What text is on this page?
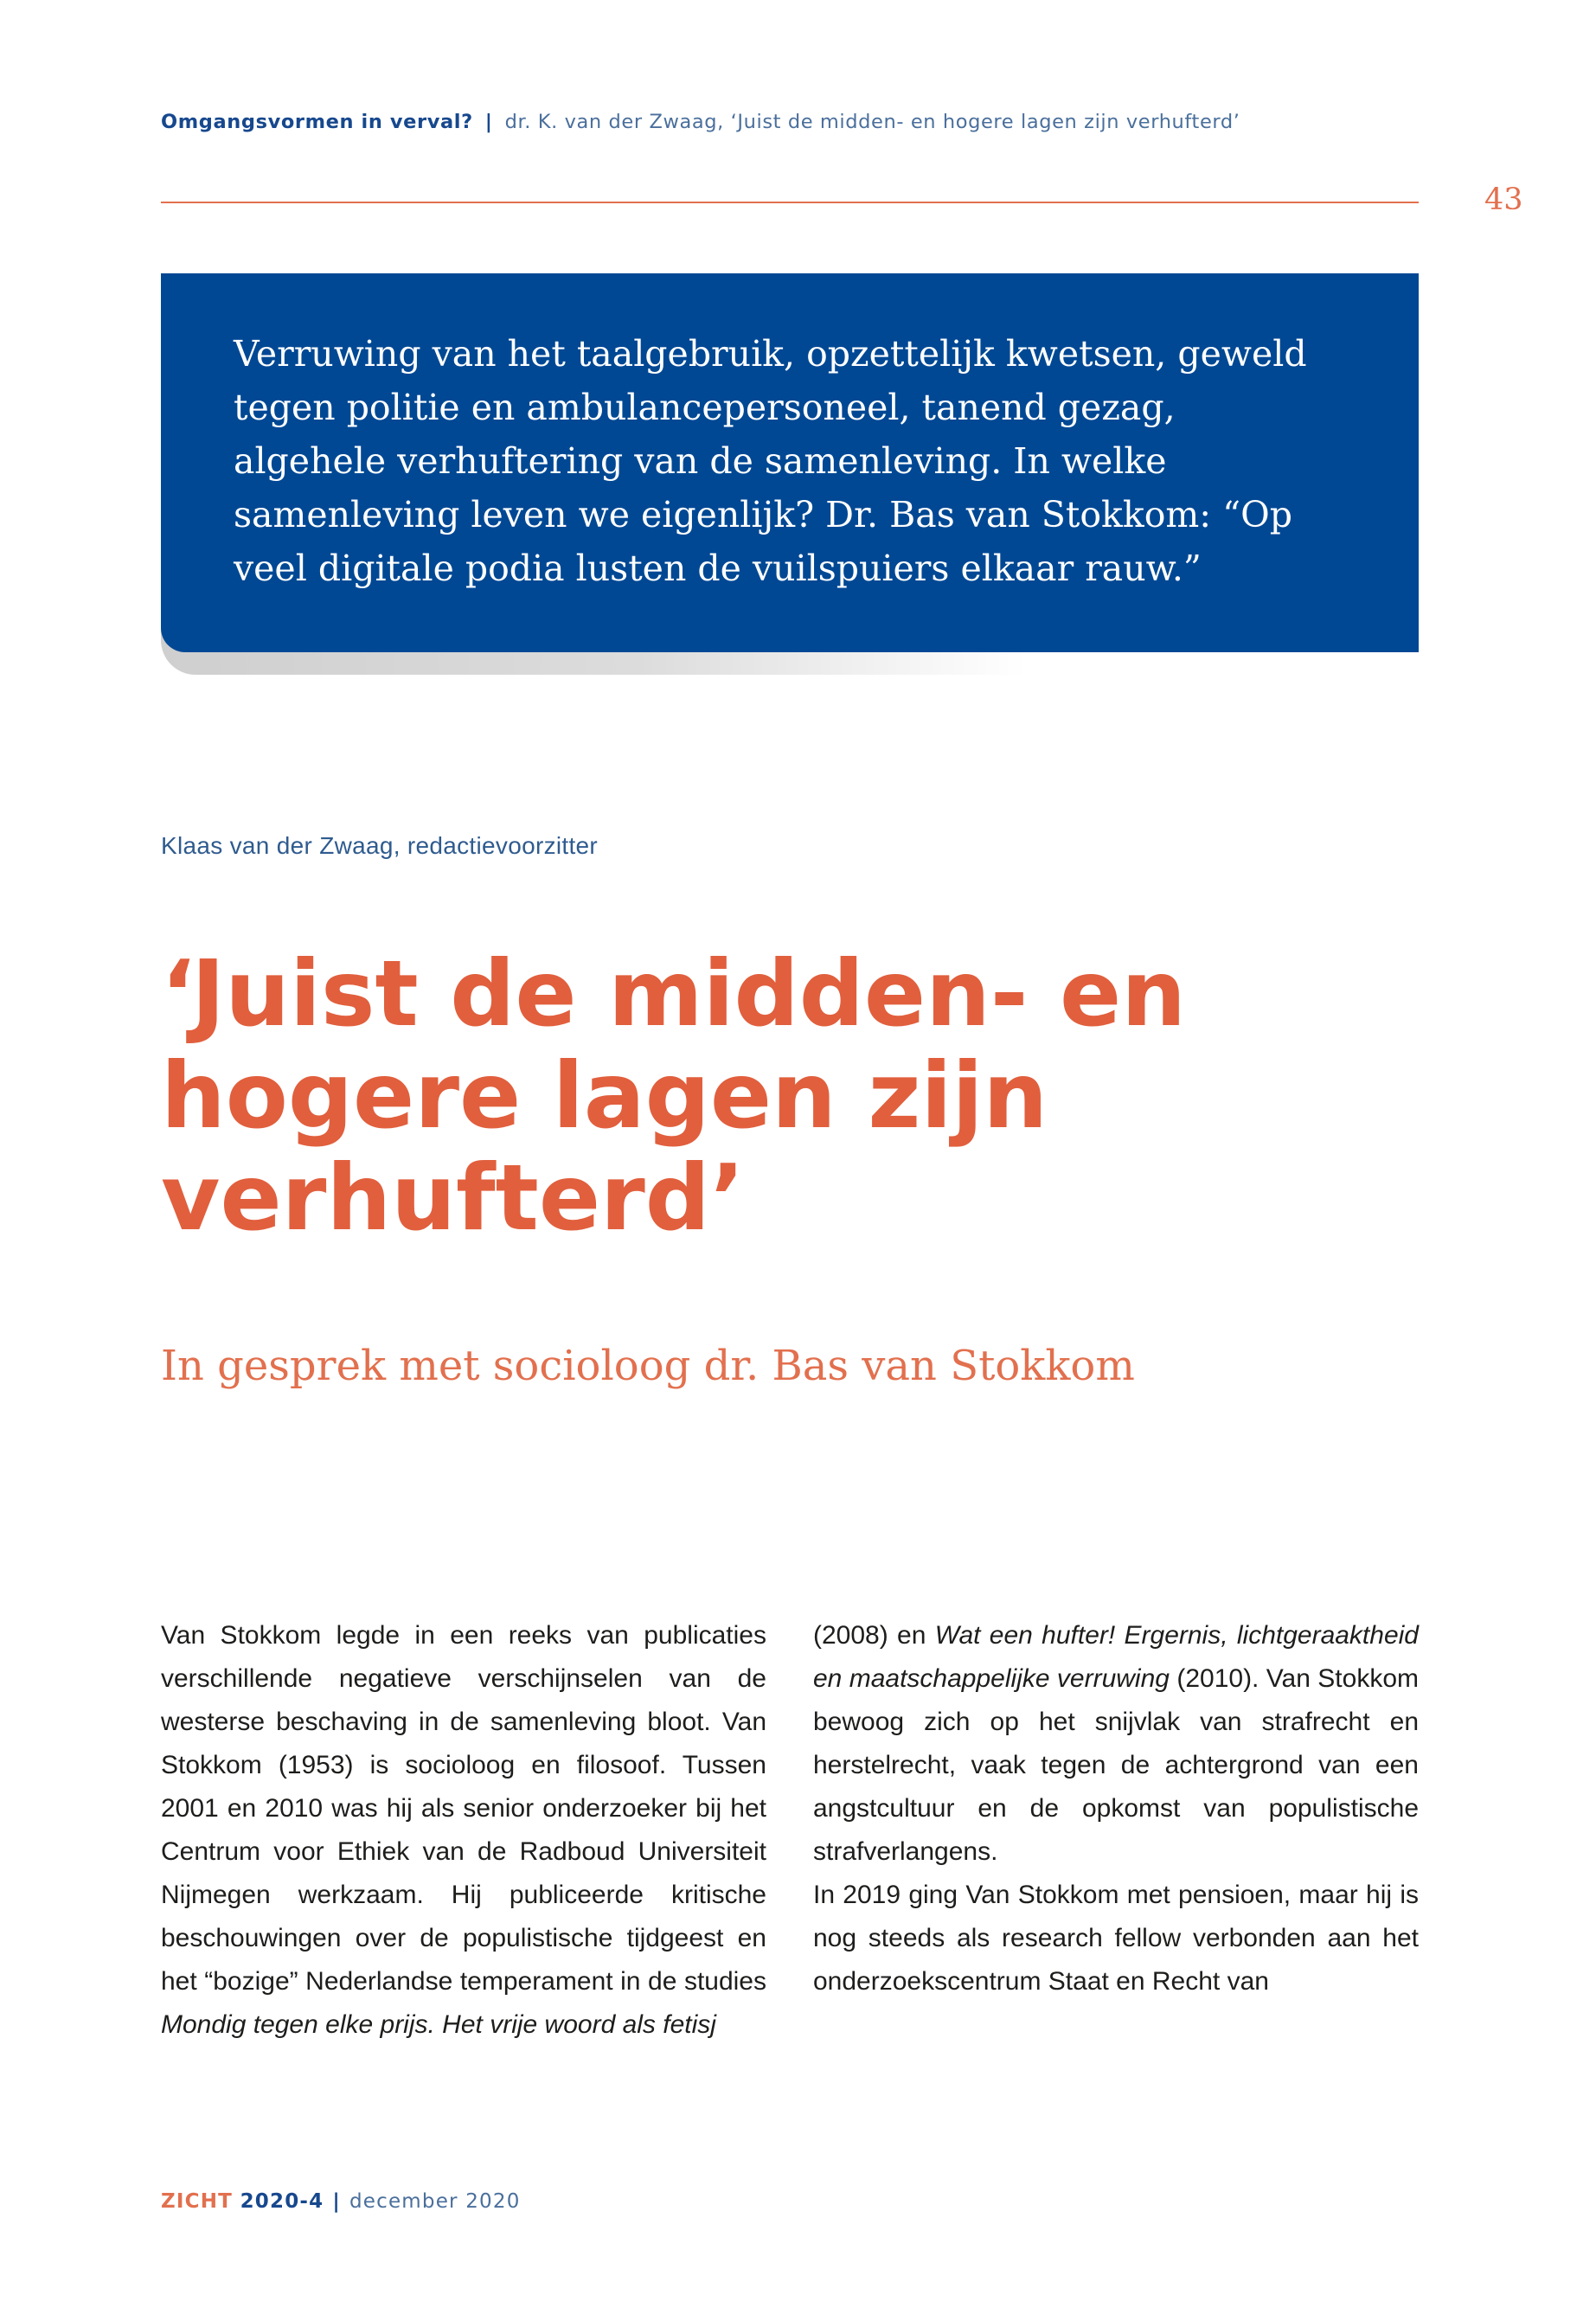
Omgangsvormen in verval? | dr. K. van der Zwaag, ‘Juist de midden- en hogere lagen zijn verhufterd’
43

Verruwing van het taalgebruik, opzettelijk kwetsen, geweld tegen politie en ambulancepersoneel, tanend gezag, algehele verhuftering van de samenleving. In welke samenleving leven we eigenlijk? Dr. Bas van Stokkom: “Op veel digitale podia lusten de vuilspuiers elkaar rauw.”

Klaas van der Zwaag, redactievoorzitter
‘Juist de midden- en
hogere lagen zijn
verhufterd’
In gesprek met socioloog dr. Bas van Stokkom

Van Stokkom legde in een reeks van publicaties verschillende negatieve verschijnselen van de westerse beschaving in de samenleving bloot. Van Stokkom (1953) is socioloog en filosoof. Tussen 2001 en 2010 was hij als senior onderzoeker bij het Centrum voor Ethiek van de Radboud Universiteit Nijmegen werkzaam. Hij publiceerde kritische beschouwingen over de populistische tijdgeest en het “bozige” Nederlandse temperament in de studies Mondig tegen elke prijs. Het vrije woord als fetisj

(2008) en Wat een hufter! Ergernis, lichtgeraaktheid en maatschappelijke verruwing (2010). Van Stokkom bewoog zich op het snijvlak van strafrecht en herstelrecht, vaak tegen de achtergrond van een angstcultuur en de opkomst van populistische strafverlangens.

In 2019 ging Van Stokkom met pensioen, maar hij is nog steeds als research fellow verbonden aan het onderzoekscentrum Staat en Recht van

ZICHT 2020-4 | december 2020
